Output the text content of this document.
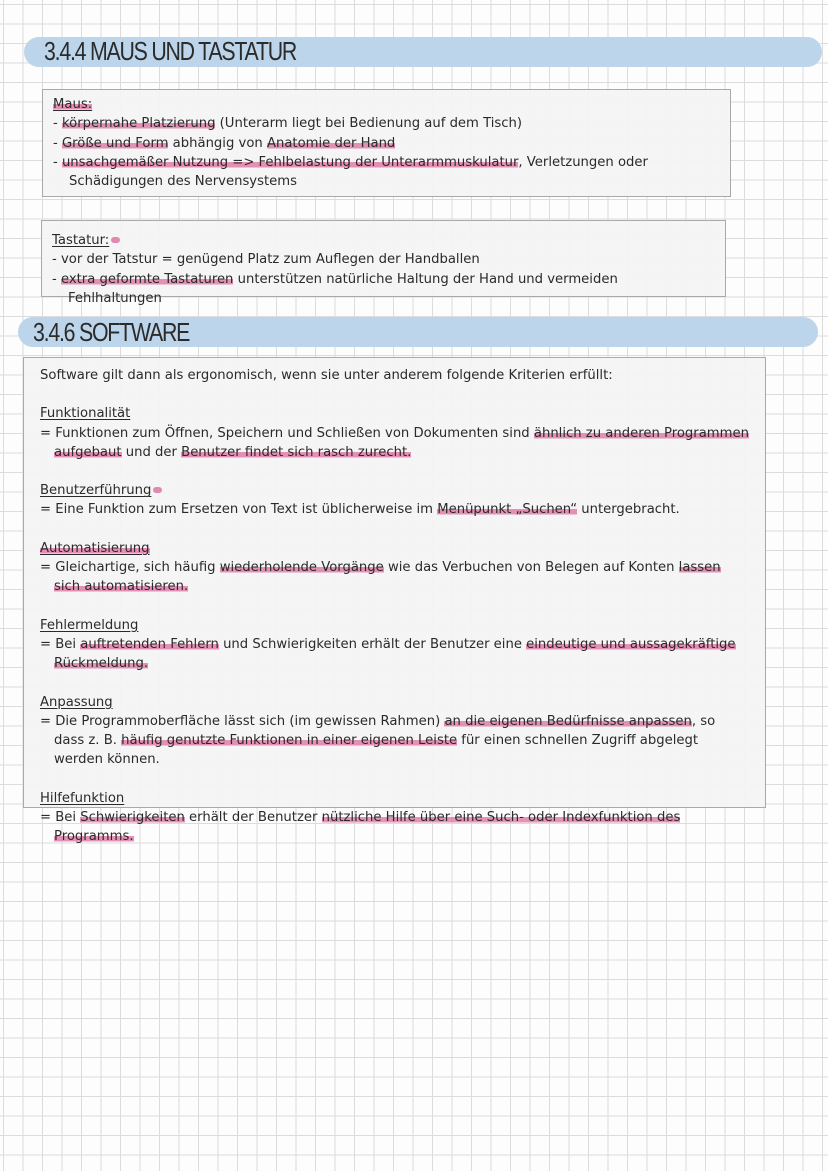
3.4.4 MAUS UND TASTATUR

Maus:

- körpernahe Platzierung (Unterarm liegt bei Bedienung auf dem Tisch)

- Größe und Form abhängig von Anatomie der Hand

- unsachgemäßer Nutzung => Fehlbelastung der Unterarmmuskulatur, Verletzungen oder Schädigungen des Nervensystems

Tastatur:

- vor der Tatstur = genügend Platz zum Auflegen der Handballen

- extra geformte Tastaturen unterstützen natürliche Haltung der Hand und vermeiden Fehlhaltungen

3.4.6 SOFTWARE

Software gilt dann als ergonomisch, wenn sie unter anderem folgende Kriterien erfüllt:

Funktionalität

= Funktionen zum Öffnen, Speichern und Schließen von Dokumenten sind ähnlich zu anderen Programmen aufgebaut und der Benutzer findet sich rasch zurecht.

Benutzerführung

= Eine Funktion zum Ersetzen von Text ist üblicherweise im Menüpunkt „Suchen“ untergebracht.

Automatisierung

= Gleichartige, sich häufig wiederholende Vorgänge wie das Verbuchen von Belegen auf Konten lassen sich automatisieren.

Fehlermeldung

= Bei auftretenden Fehlern und Schwierigkeiten erhält der Benutzer eine eindeutige und aussagekräftige Rückmeldung.

Anpassung

= Die Programmoberfläche lässt sich (im gewissen Rahmen) an die eigenen Bedürfnisse anpassen, so dass z. B. häufig genutzte Funktionen in einer eigenen Leiste für einen schnellen Zugriff abgelegt werden können.

Hilfefunktion

= Bei Schwierigkeiten erhält der Benutzer nützliche Hilfe über eine Such- oder Indexfunktion des Programms.
